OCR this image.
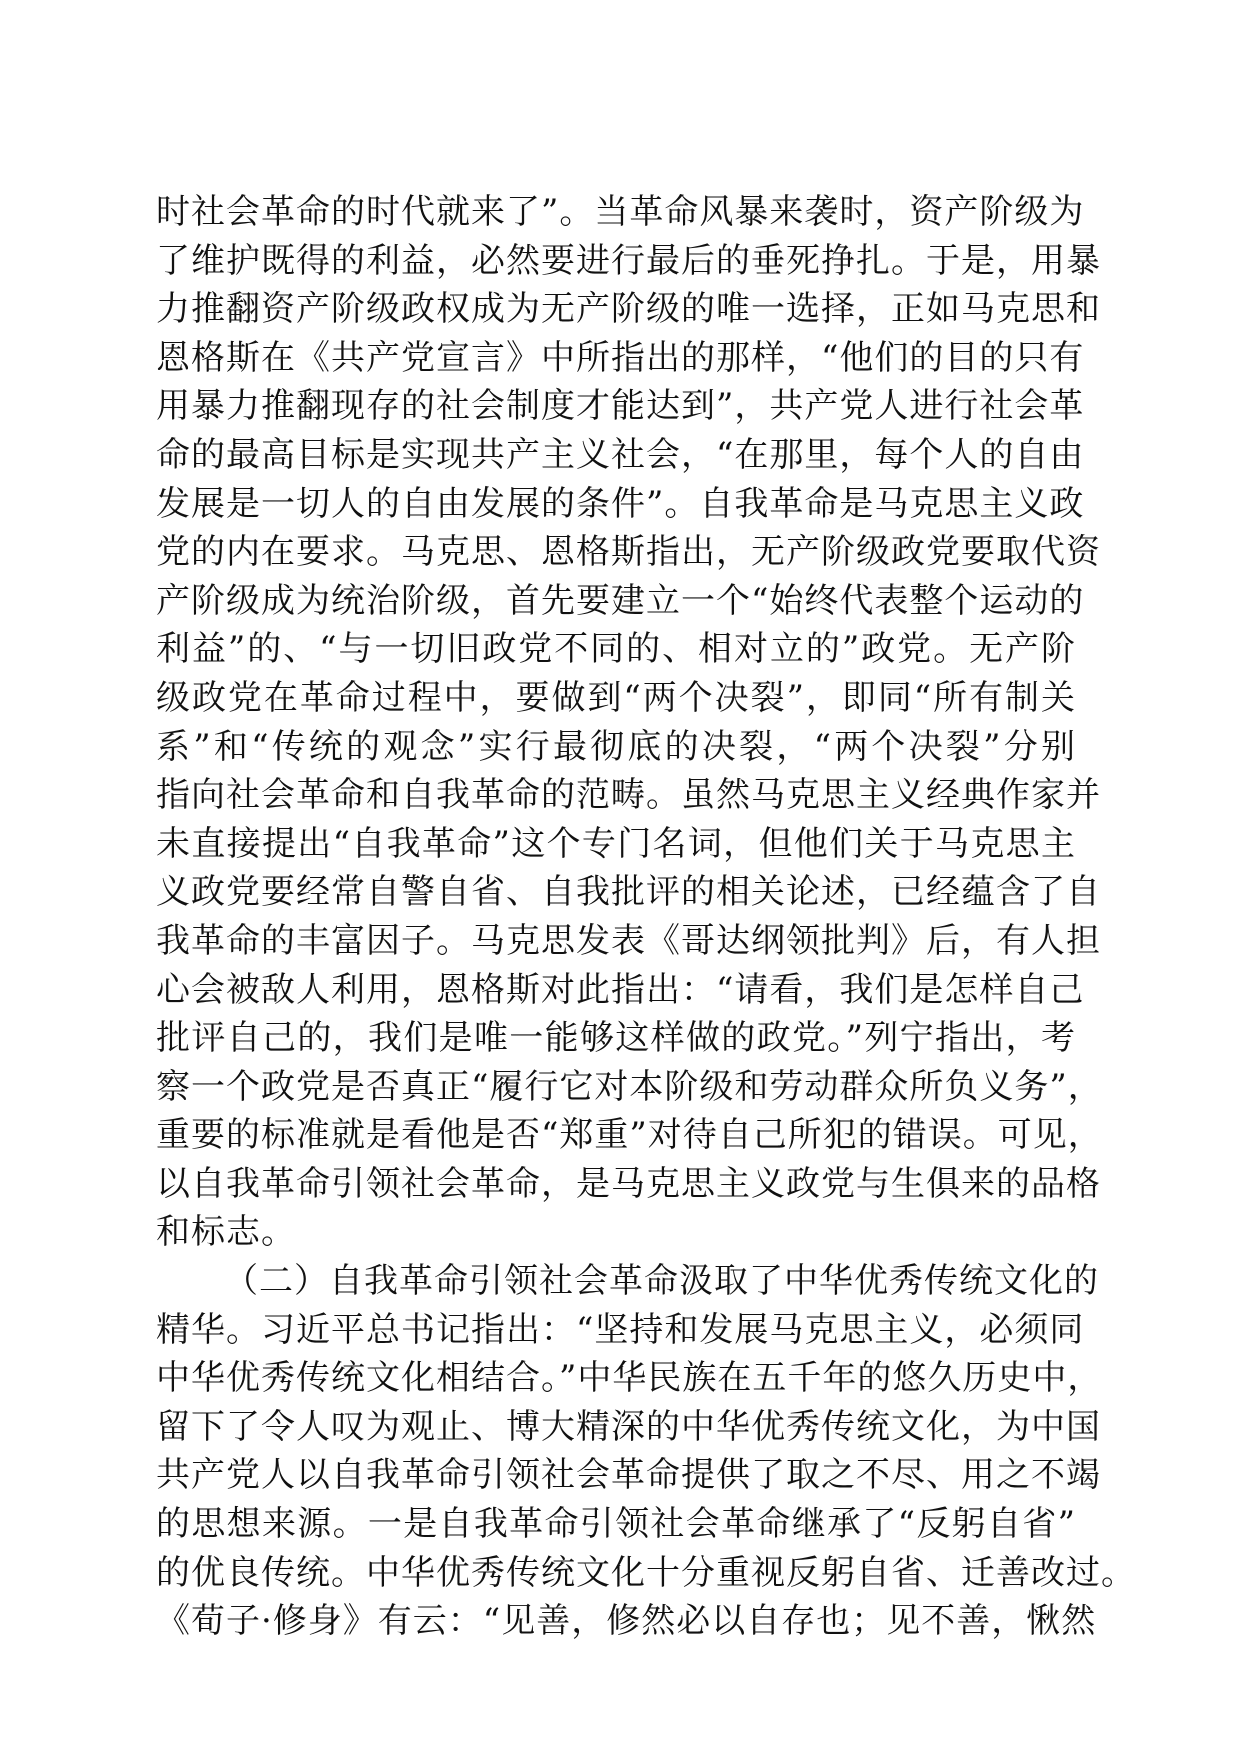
时社会革命的时代就来了”。当革命风暴来袭时，资产阶级为
了维护既得的利益，必然要进行最后的垂死挣扎。于是，用暴
力推翻资产阶级政权成为无产阶级的唯一选择，正如马克思和
恩格斯在《共产党宣言》中所指出的那样，“他们的目的只有
用暴力推翻现存的社会制度才能达到”，共产党人进行社会革
命的最高目标是实现共产主义社会，“在那里，每个人的自由
发展是一切人的自由发展的条件”。自我革命是马克思主义政
党的内在要求。马克思、恩格斯指出，无产阶级政党要取代资
产阶级成为统治阶级，首先要建立一个“始终代表整个运动的
利益”的、“与一切旧政党不同的、相对立的”政党。无产阶
级政党在革命过程中，要做到“两个决裂”，即同“所有制关
系”和“传统的观念”实行最彻底的决裂，“两个决裂”分别
指向社会革命和自我革命的范畴。虽然马克思主义经典作家并
未直接提出“自我革命”这个专门名词，但他们关于马克思主
义政党要经常自警自省、自我批评的相关论述，已经蕴含了自
我革命的丰富因子。马克思发表《哥达纲领批判》后，有人担
心会被敌人利用，恩格斯对此指出：“请看，我们是怎样自己
批评自己的，我们是唯一能够这样做的政党。”列宁指出，考
察一个政党是否真正“履行它对本阶级和劳动群众所负义务”，
重要的标准就是看他是否“郑重”对待自己所犯的错误。可见，
以自我革命引领社会革命，是马克思主义政党与生俱来的品格
和标志。
（二）自我革命引领社会革命汲取了中华优秀传统文化的
精华。习近平总书记指出：“坚持和发展马克思主义，必须同
中华优秀传统文化相结合。”中华民族在五千年的悠久历史中，
留下了令人叹为观止、博大精深的中华优秀传统文化，为中国
共产党人以自我革命引领社会革命提供了取之不尽、用之不竭
的思想来源。一是自我革命引领社会革命继承了“反躬自省”
的优良传统。中华优秀传统文化十分重视反躬自省、迁善改过。
《荀子·修身》有云：“见善，修然必以自存也；见不善，愀然
